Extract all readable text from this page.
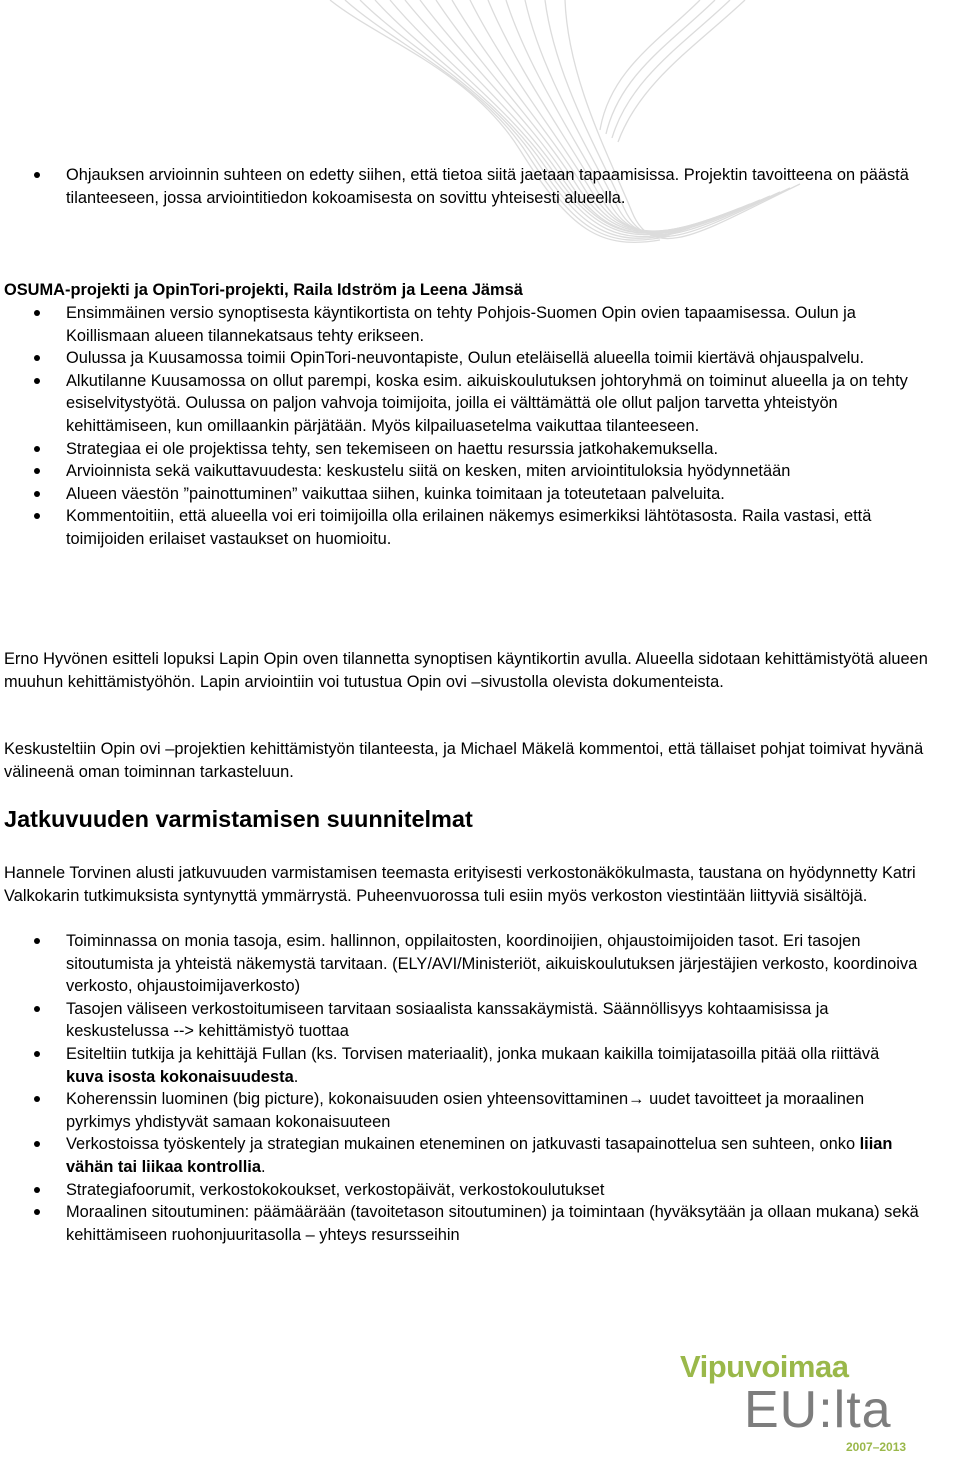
Ohjauksen arvioinnin suhteen on edetty siihen, että tietoa siitä jaetaan tapaamisissa. Projektin tavoitteena on päästä tilanteeseen, jossa arviointitiedon kokoamisesta on sovittu yhteisesti alueella.

OSUMA-projekti ja OpinTori-projekti, Raila Idström ja Leena Jämsä

Ensimmäinen versio synoptisesta käyntikortista on tehty Pohjois-Suomen Opin ovien tapaamisessa. Oulun ja Koillismaan alueen tilannekatsaus tehty erikseen.
Oulussa ja Kuusamossa toimii OpinTori-neuvontapiste, Oulun eteläisellä alueella toimii kiertävä ohjauspalvelu.
Alkutilanne Kuusamossa on ollut parempi, koska esim. aikuiskoulutuksen johtoryhmä on toiminut alueella ja on tehty esiselvitystyötä. Oulussa on paljon vahvoja toimijoita, joilla ei välttämättä ole ollut paljon tarvetta yhteistyön kehittämiseen, kun omillaankin pärjätään. Myös kilpailuasetelma vaikuttaa tilanteeseen.
Strategiaa ei ole projektissa tehty, sen tekemiseen on haettu resurssia jatkohakemuksella.
Arvioinnista sekä vaikuttavuudesta: keskustelu siitä on kesken, miten arviointituloksia hyödynnetään
Alueen väestön ”painottuminen” vaikuttaa siihen, kuinka toimitaan ja toteutetaan palveluita.
Kommentoitiin, että alueella voi eri toimijoilla olla erilainen näkemys esimerkiksi lähtötasosta. Raila vastasi, että toimijoiden erilaiset vastaukset on huomioitu.

Erno Hyvönen esitteli lopuksi Lapin Opin oven tilannetta synoptisen käyntikortin avulla. Alueella sidotaan kehittämistyötä alueen muuhun kehittämistyöhön. Lapin arviointiin voi tutustua Opin ovi –sivustolla olevista dokumenteista.

Keskusteltiin Opin ovi –projektien kehittämistyön tilanteesta, ja Michael Mäkelä kommentoi, että tällaiset pohjat toimivat hyvänä välineenä oman toiminnan tarkasteluun.

Jatkuvuuden varmistamisen suunnitelmat

Hannele Torvinen alusti jatkuvuuden varmistamisen teemasta erityisesti verkostonäkökulmasta, taustana on hyödynnetty Katri Valkokarin tutkimuksista syntynyttä ymmärrystä. Puheenvuorossa tuli esiin myös verkoston viestintään liittyviä sisältöjä.

Toiminnassa on monia tasoja, esim. hallinnon, oppilaitosten, koordinoijien, ohjaustoimijoiden tasot. Eri tasojen sitoutumista ja yhteistä näkemystä tarvitaan. (ELY/AVI/Ministeriöt, aikuiskoulutuksen järjestäjien verkosto, koordinoiva verkosto, ohjaustoimijaverkosto)
Tasojen väliseen verkostoitumiseen tarvitaan sosiaalista kanssakäymistä. Säännöllisyys kohtaamisissa ja keskustelussa --> kehittämistyö tuottaa
Esiteltiin tutkija ja kehittäjä Fullan (ks. Torvisen materiaalit), jonka mukaan kaikilla toimijatasoilla pitää olla riittävä kuva isosta kokonaisuudesta.
Koherenssin luominen (big picture), kokonaisuuden osien yhteensovittaminen→ uudet tavoitteet ja moraalinen pyrkimys yhdistyvät samaan kokonaisuuteen
Verkostoissa työskentely ja strategian mukainen eteneminen on jatkuvasti tasapainottelua sen suhteen, onko liian vähän tai liikaa kontrollia.
Strategiafoorumit, verkostokokoukset, verkostopäivät, verkostokoulutukset
Moraalinen sitoutuminen: päämäärään (tavoitetason sitoutuminen) ja toimintaan (hyväksytään ja ollaan mukana) sekä kehittämiseen ruohonjuuritasolla – yhteys resursseihin
Vipuvoimaa
EU:lta
2007–2013
